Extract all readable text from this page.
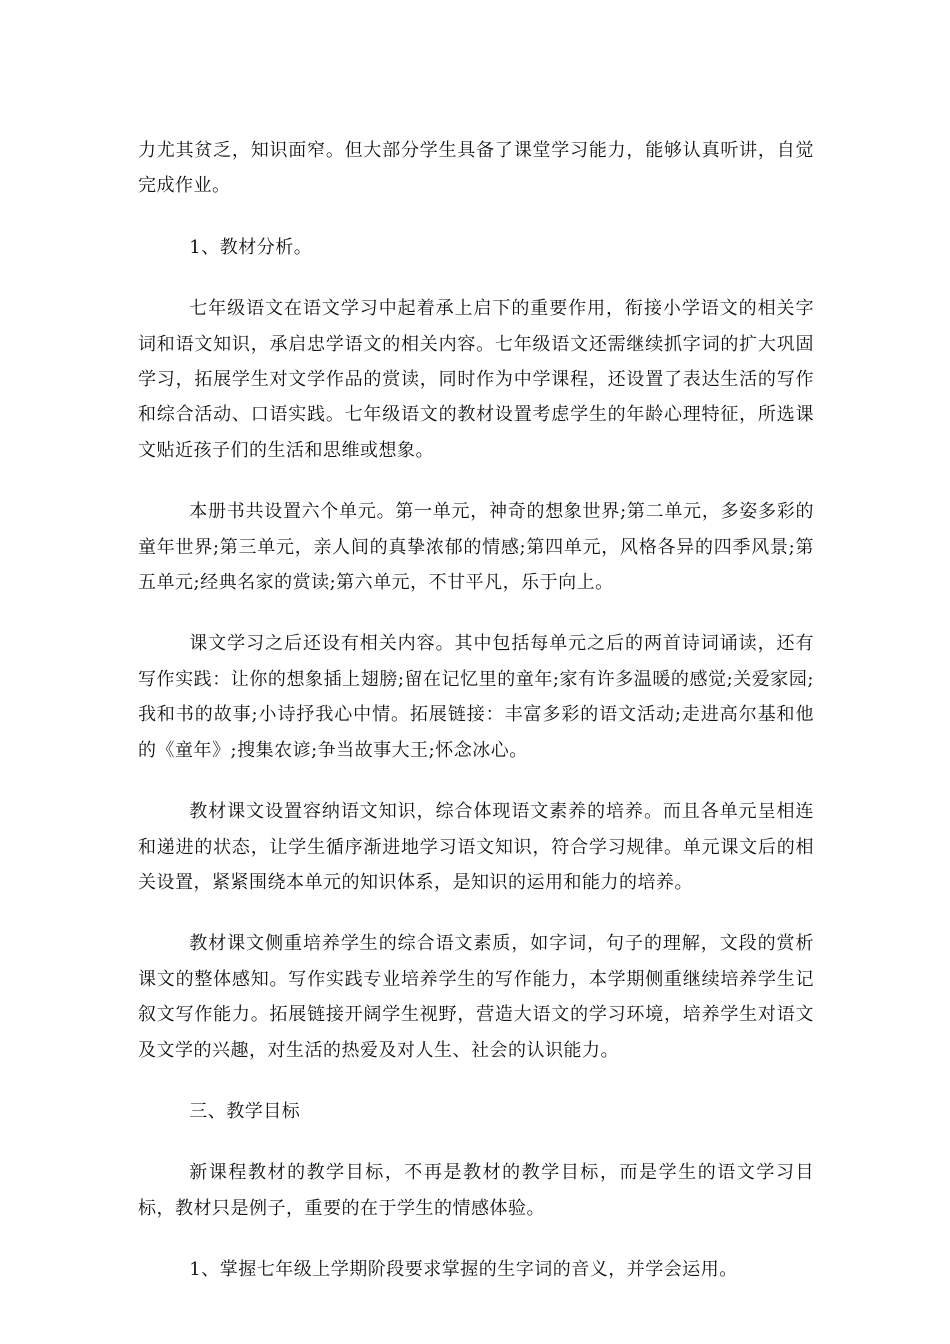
力尤其贫乏，知识面窄。但大部分学生具备了课堂学习能力，能够认真听讲，自觉完成作业。

1、教材分析。

七年级语文在语文学习中起着承上启下的重要作用，衔接小学语文的相关字词和语文知识，承启忠学语文的相关内容。七年级语文还需继续抓字词的扩大巩固学习，拓展学生对文学作品的赏读，同时作为中学课程，还设置了表达生活的写作和综合活动、口语实践。七年级语文的教材设置考虑学生的年龄心理特征，所选课文贴近孩子们的生活和思维或想象。

本册书共设置六个单元。第一单元，神奇的想象世界;第二单元，多姿多彩的童年世界;第三单元，亲人间的真挚浓郁的情感;第四单元，风格各异的四季风景;第五单元;经典名家的赏读;第六单元，不甘平凡，乐于向上。

课文学习之后还设有相关内容。其中包括每单元之后的两首诗词诵读，还有写作实践：让你的想象插上翅膀;留在记忆里的童年;家有许多温暖的感觉;关爱家园;我和书的故事;小诗抒我心中情。拓展链接：丰富多彩的语文活动;走进高尔基和他的《童年》;搜集农谚;争当故事大王;怀念冰心。

教材课文设置容纳语文知识，综合体现语文素养的培养。而且各单元呈相连和递进的状态，让学生循序渐进地学习语文知识，符合学习规律。单元课文后的相关设置，紧紧围绕本单元的知识体系，是知识的运用和能力的培养。

教材课文侧重培养学生的综合语文素质，如字词，句子的理解，文段的赏析课文的整体感知。写作实践专业培养学生的写作能力，本学期侧重继续培养学生记叙文写作能力。拓展链接开阔学生视野，营造大语文的学习环境，培养学生对语文及文学的兴趣，对生活的热爱及对人生、社会的认识能力。

三、教学目标

新课程教材的教学目标，不再是教材的教学目标，而是学生的语文学习目标，教材只是例子，重要的在于学生的情感体验。

1、掌握七年级上学期阶段要求掌握的生字词的音义，并学会运用。
